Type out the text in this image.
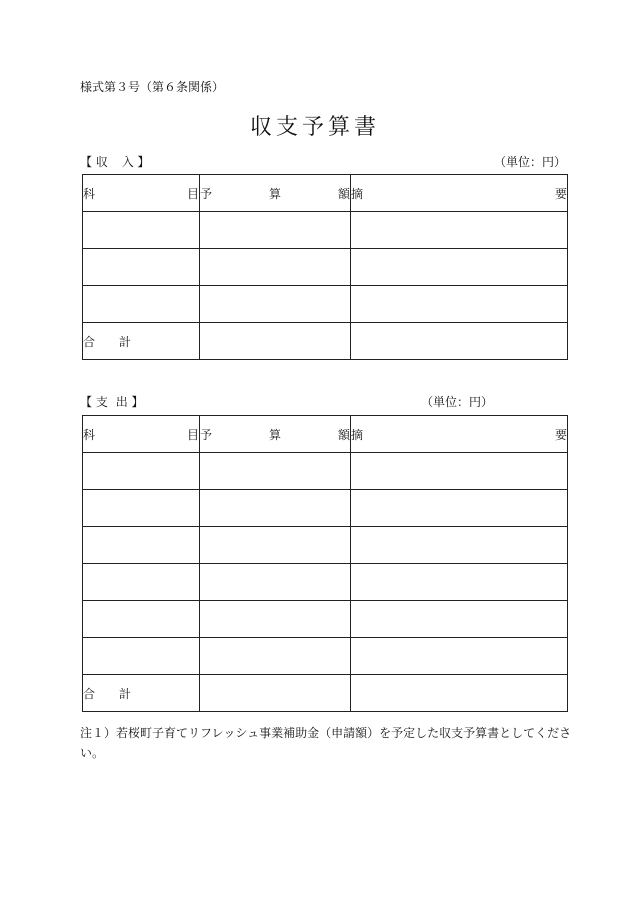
様式第３号（第６条関係）
収支予算書
【 収 入 】	（単位：円）
科 目	予 算 額	摘 要

合 計		

【 支 出 】	（単位：円）
科 目	予 算 額	摘 要

合 計		

注１）若桜町子育てリフレッシュ事業補助金（申請額）を予定した収支予算書としてください。
